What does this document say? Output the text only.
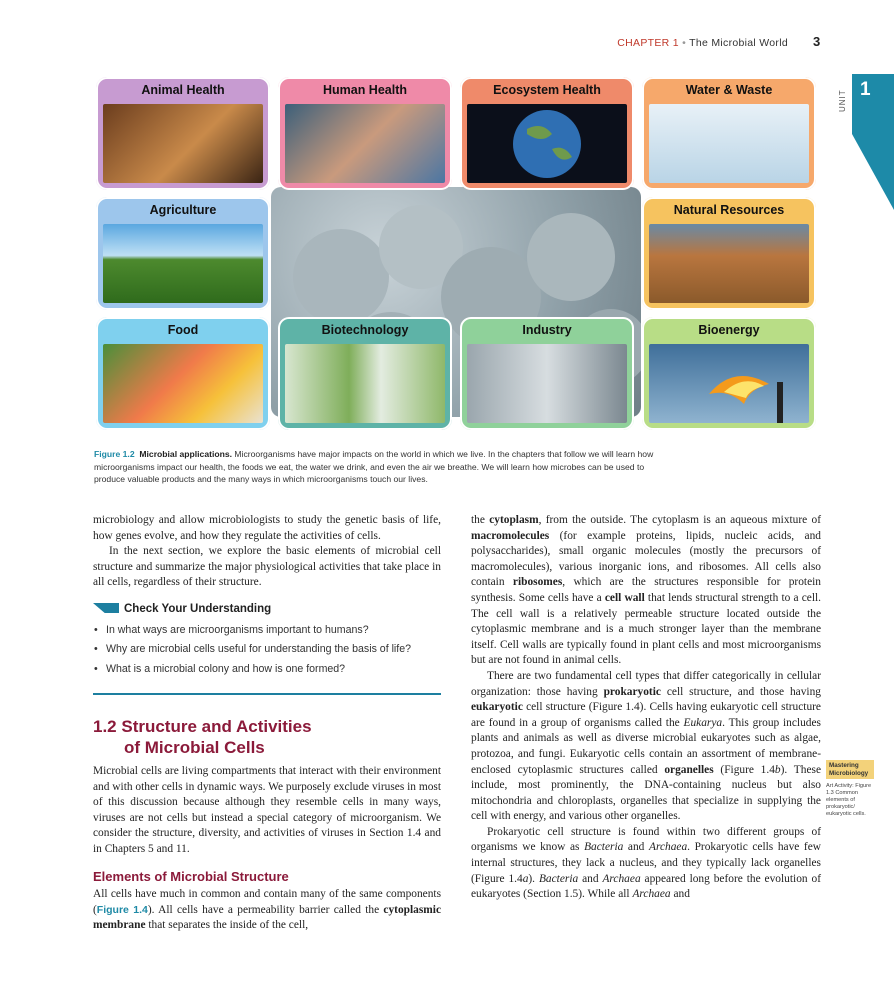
CHAPTER 1 • The Microbial World 3
UNIT 1
Animal Health	Human Health	Ecosystem Health	Water & Waste
Agriculture	Natural Resources
Food	Biotechnology	Industry	Bioenergy
Figure 1.2 Microbial applications. Microorganisms have major impacts on the world in which we live. In the chapters that follow we will learn how microorganisms impact our health, the foods we eat, the water we drink, and even the air we breathe. We will learn how microbes can be used to produce valuable products and the many ways in which microorganisms touch our lives.

microbiology and allow microbiologists to study the genetic basis of life, how genes evolve, and how they regulate the activities of cells.

In the next section, we explore the basic elements of microbial cell structure and summarize the major physiological activities that take place in all cells, regardless of their structure.

Check Your Understanding
• In what ways are microorganisms important to humans?
• Why are microbial cells useful for understanding the basis of life?
• What is a microbial colony and how is one formed?
1.2 Structure and Activities
of Microbial Cells

Microbial cells are living compartments that interact with their environment and with other cells in dynamic ways. We purposely exclude viruses in most of this discussion because although they resemble cells in many ways, viruses are not cells but instead a special category of microorganism. We consider the structure, diversity, and activities of viruses in Section 1.4 and in Chapters 5 and 11.

Elements of Microbial Structure

All cells have much in common and contain many of the same components (Figure 1.4). All cells have a permeability barrier called the cytoplasmic membrane that separates the inside of the cell,

the cytoplasm, from the outside. The cytoplasm is an aqueous mixture of macromolecules (for example proteins, lipids, nucleic acids, and polysaccharides), small organic molecules (mostly the precursors of macromolecules), various inorganic ions, and ribosomes. All cells also contain ribosomes, which are the structures responsible for protein synthesis. Some cells have a cell wall that lends structural strength to a cell. The cell wall is a relatively permeable structure located outside the cytoplasmic membrane and is a much stronger layer than the membrane itself. Cell walls are typically found in plant cells and most microorganisms but are not found in animal cells.

There are two fundamental cell types that differ categorically in cellular organization: those having prokaryotic cell structure, and those having eukaryotic cell structure (Figure 1.4). Cells having eukaryotic cell structure are found in a group of organisms called the Eukarya. This group includes plants and animals as well as diverse microbial eukaryotes such as algae, protozoa, and fungi. Eukaryotic cells contain an assortment of membrane-enclosed cytoplasmic structures called organelles (Figure 1.4b). These include, most prominently, the DNA-containing nucleus but also mitochondria and chloroplasts, organelles that specialize in supplying the cell with energy, and various other organelles.

Prokaryotic cell structure is found within two different groups of organisms we know as Bacteria and Archaea. Prokaryotic cells have few internal structures, they lack a nucleus, and they typically lack organelles (Figure 1.4a). Bacteria and Archaea appeared long before the evolution of eukaryotes (Section 1.5). While all Archaea and

Mastering Microbiology
Art Activity: Figure 1.3 Common elements of prokaryotic/ eukaryotic cells.
